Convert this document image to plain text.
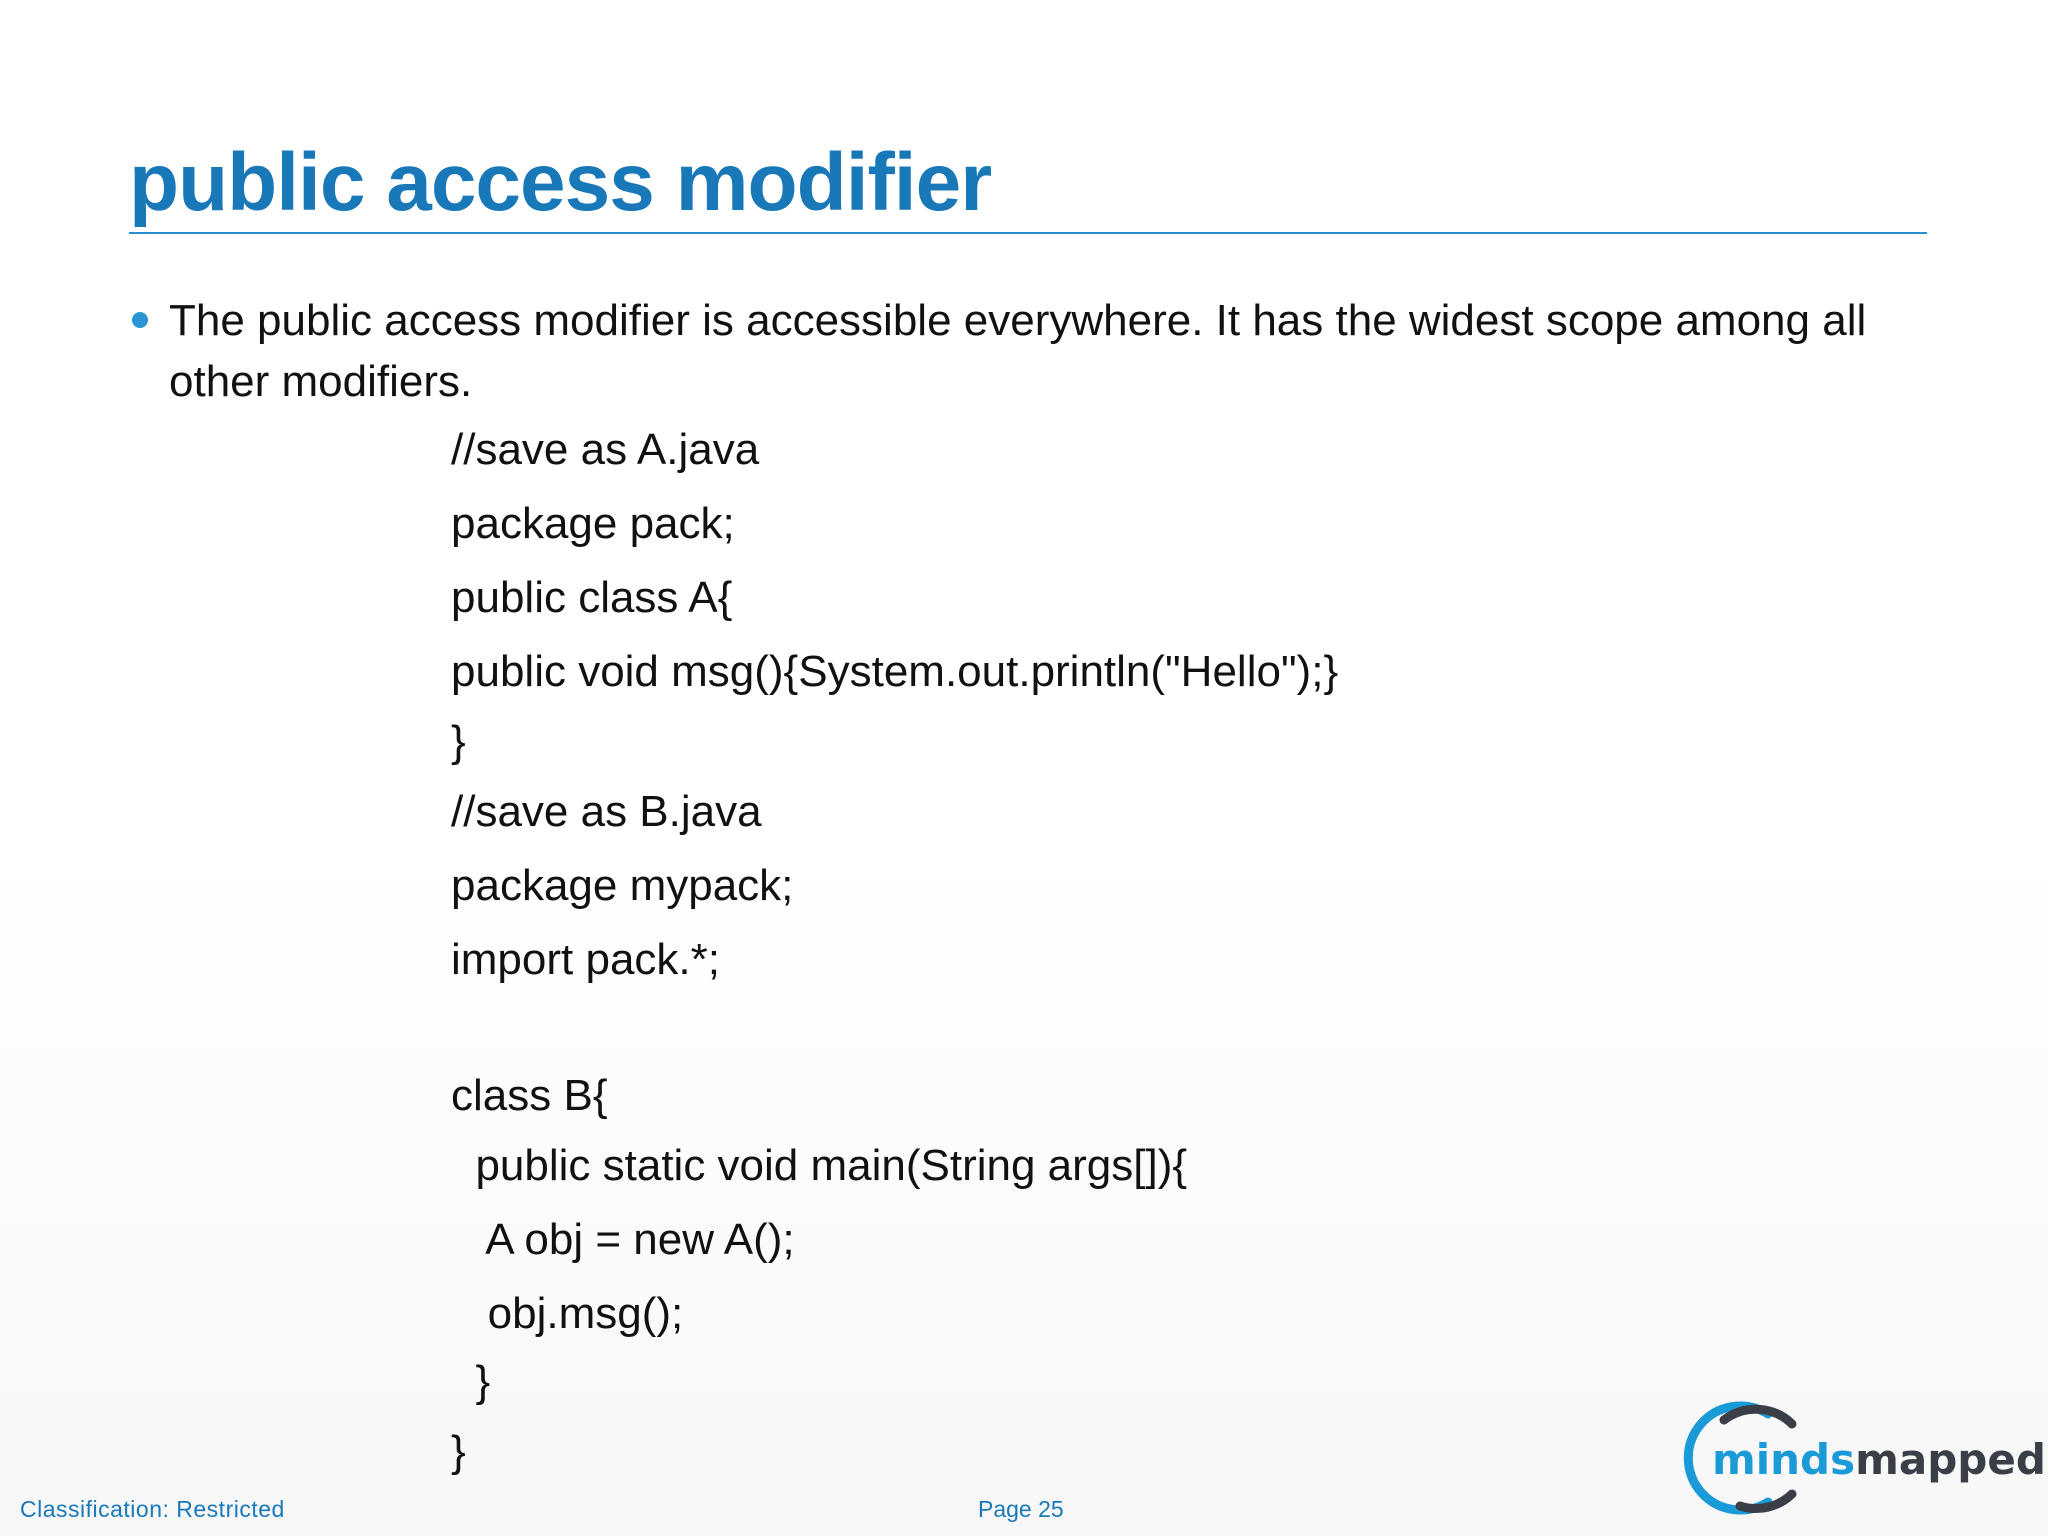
public access modifier

The public access modifier is accessible everywhere. It has the widest scope among all other modifiers.

//save as A.java
package pack;
public class A{
public void msg(){System.out.println("Hello");}
}
//save as B.java
package mypack;
import pack.*;
class B{
public static void main(String args[]){
A obj = new A();
obj.msg();
}
}
Classification: Restricted	Page 25
mindsmapped
